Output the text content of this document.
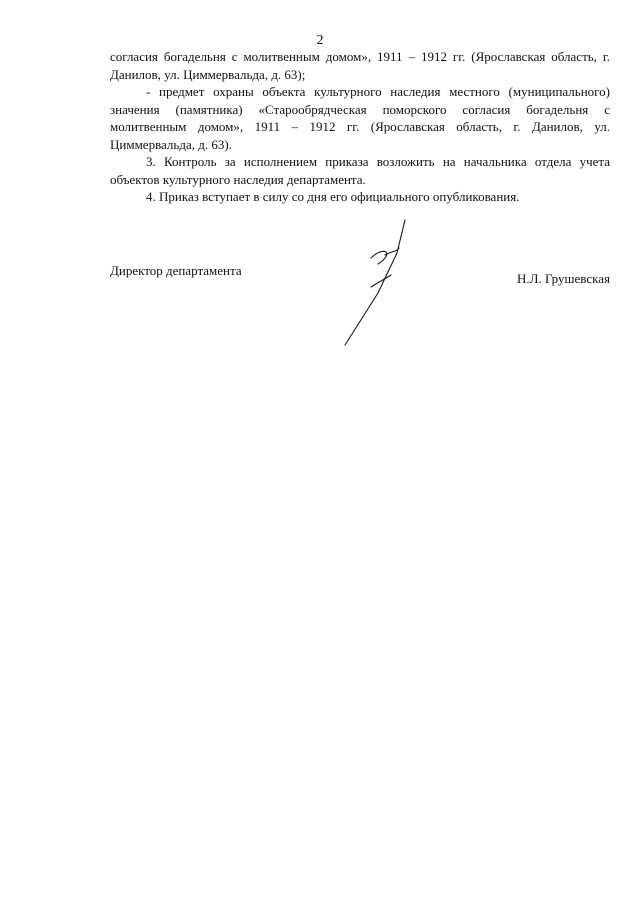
2

согласия богадельня с молитвенным домом», 1911 – 1912 гг. (Ярославская область, г. Данилов, ул. Циммервальда, д. 63);

- предмет охраны объекта культурного наследия местного (муниципального) значения (памятника) «Старообрядческая поморского согласия богадельня с молитвенным домом», 1911 – 1912 гг. (Ярославская область, г. Данилов, ул. Циммервальда, д. 63).

3. Контроль за исполнением приказа возложить на начальника отдела учета объектов культурного наследия департамента.

4. Приказ вступает в силу со дня его официального опубликования.

Директор департамента
Н.Л. Грушевская
